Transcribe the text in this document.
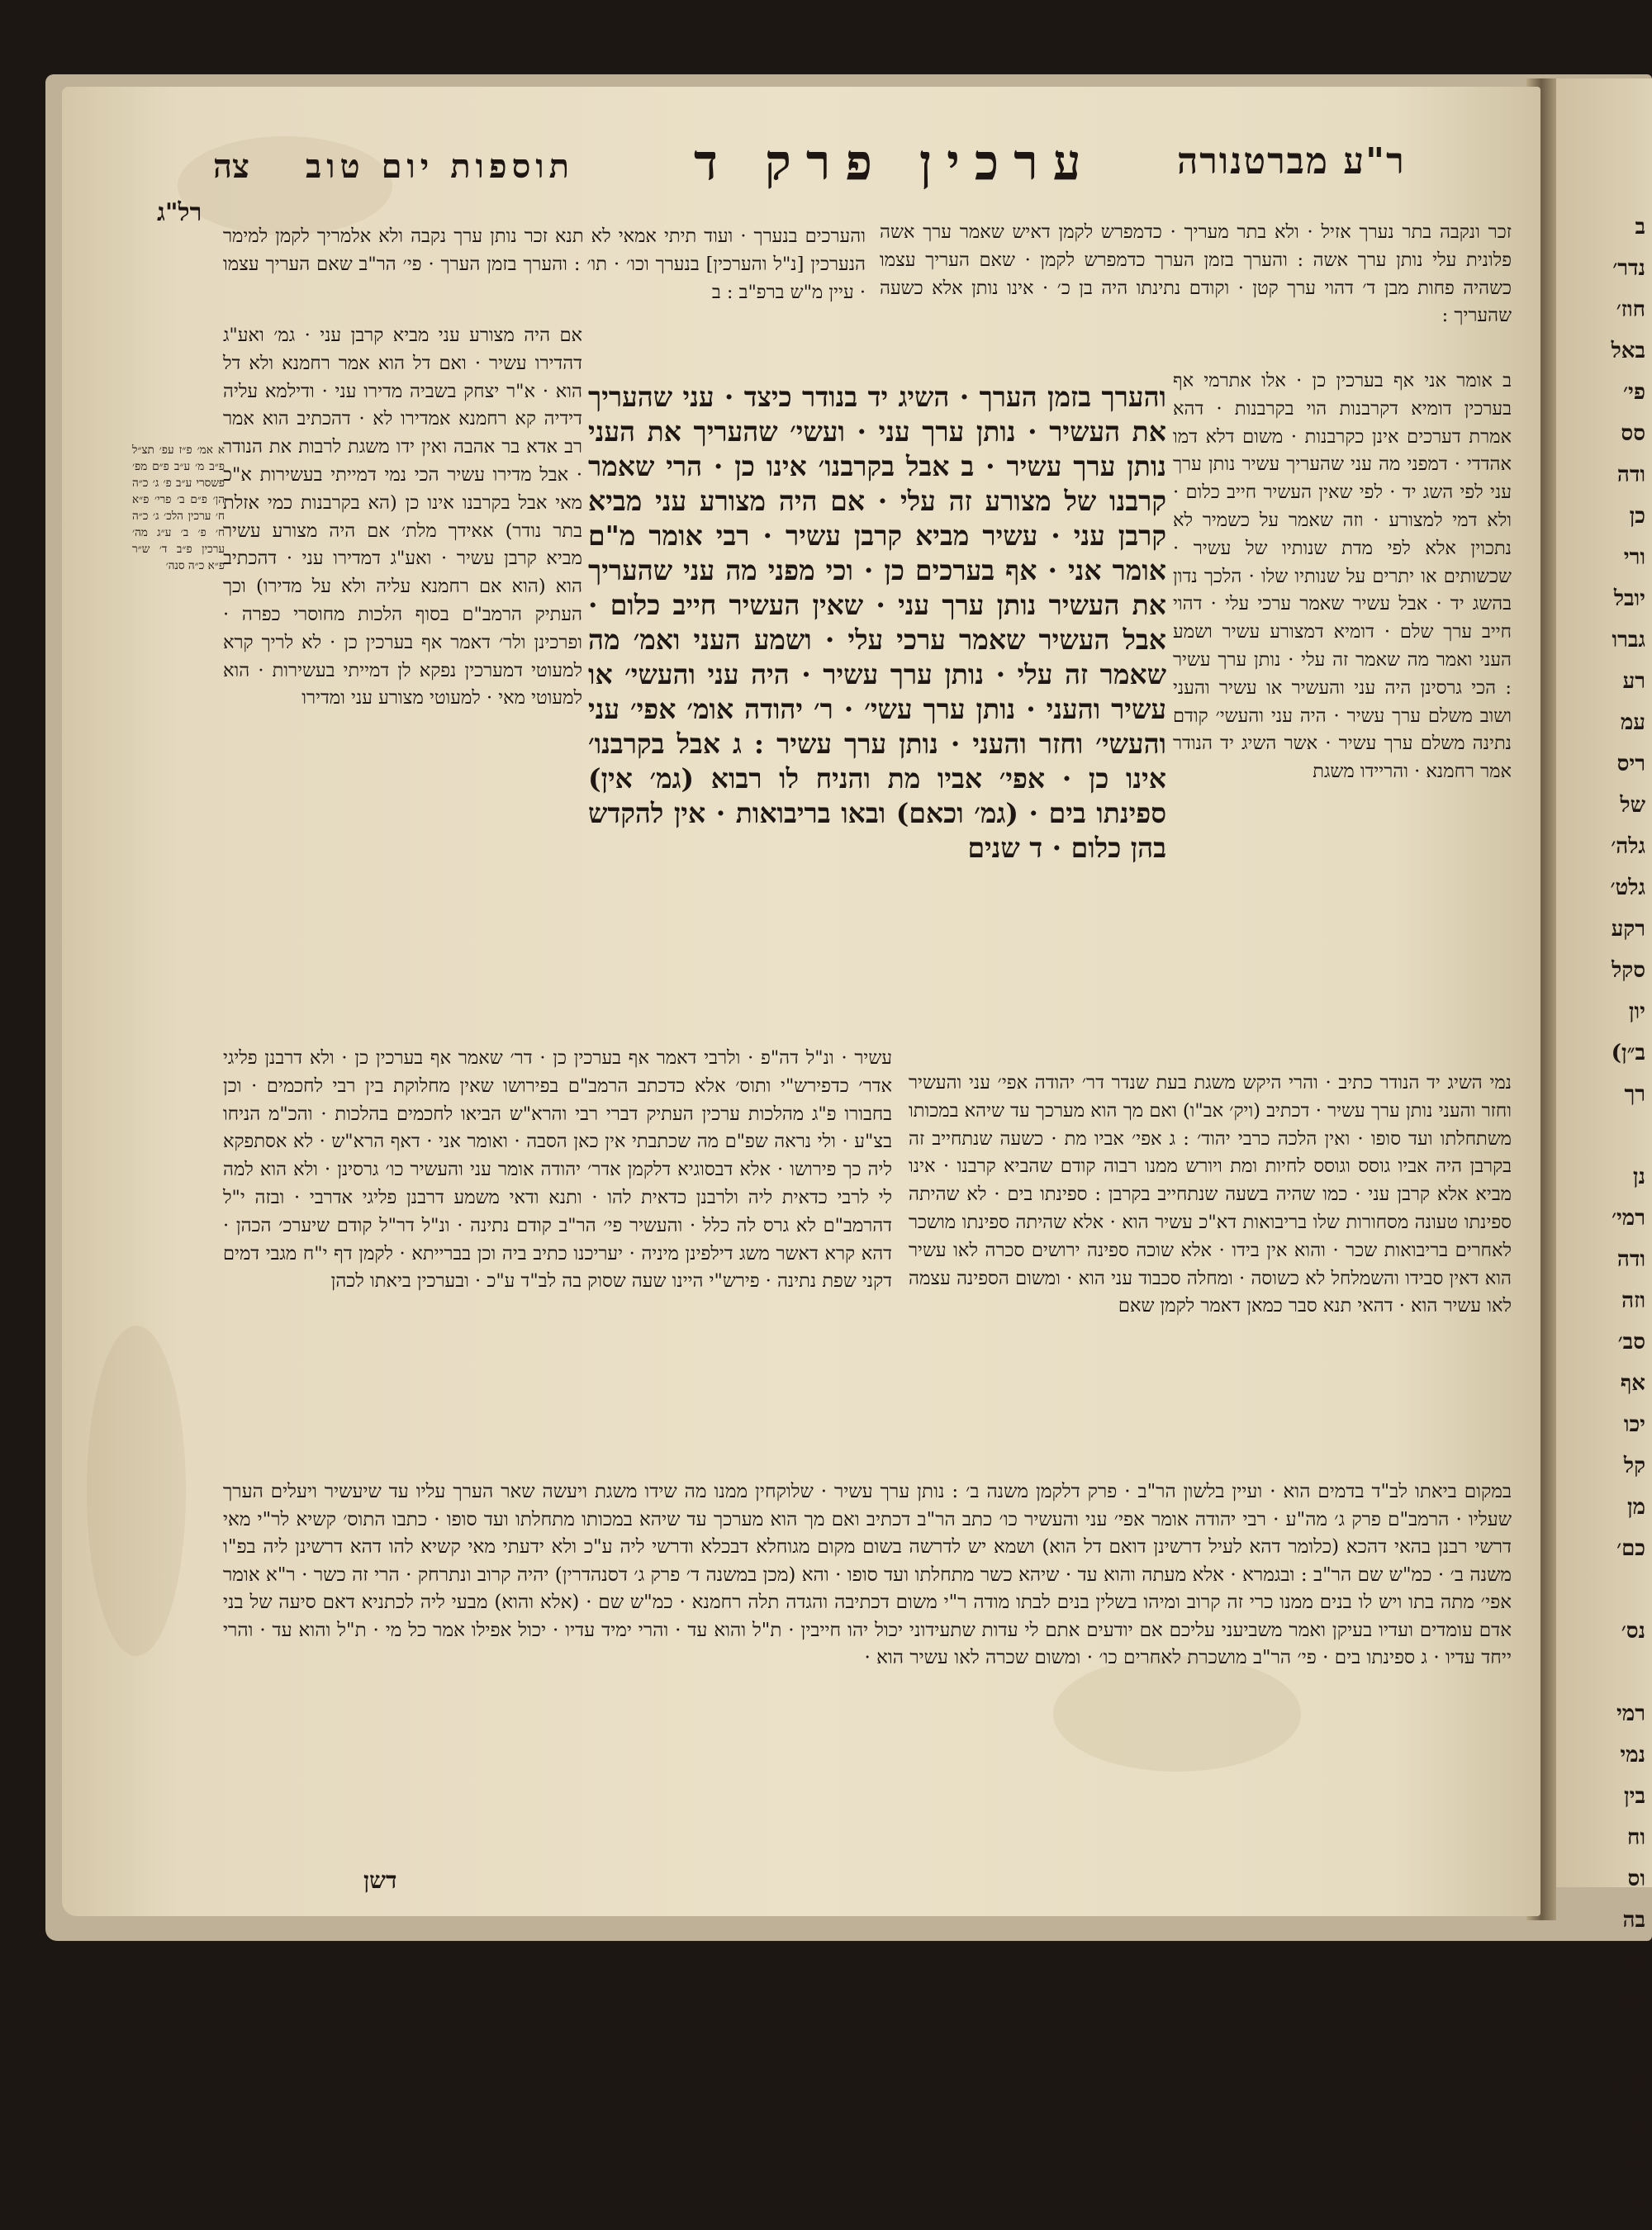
ב
נדר׳
חוז׳
באל
פי׳
סס
ודה
כן
ורי
יובל
גברו
רע
עמ
ריס
של
גלה׳
גלט׳
רקע
סקל
יון
ב״ן)
רך

נן
רמי׳
ודה
וזה
סב׳
אף
יכו
קל
מן
כם׳

נס׳

רמי
נמי
בין
וח
וס
בה
מן
רס

ה׳ :
ס
רי
ר
צה תוספות יום טוב ערכין פרק ד ר"ע מברטנורה
רל"ג
והערכים בנערך · ועוד תיתי אמאי לא תנא זכר נותן ערך נקבה ולא אלמריך לקמן למימר הנערכין [נ"ל והערכין] בנערך וכו׳ · תו׳ : והערך בזמן הערך · פי׳ הר"ב שאם העריך עצמו · עיין מ"ש ברפ"ב : ב
אם היה מצורע עני מביא קרבן עני · גמ׳ ואע"ג דהדירו עשיר · ואם דל הוא אמר רחמנא ולא דל הוא · א"ר יצחק בשביה מדירו עני · ודילמא עליה דידיה קא רחמנא אמדירו לא · דהכתיב הוא אמר רב אדא בר אהבה ואין ידו משגת לרבות את הנודר · אבל מדירו עשיר הכי נמי דמייתי בעשירות א"כ מאי אבל בקרבנו אינו כן (הא בקרבנות כמי אזלת בתר נודר) אאידך מלת׳ אם היה מצורע עשיר מביא קרבן עשיר · ואע"ג דמדירו עני · דהכתיב הוא (הוא אם רחמנא עליה ולא על מדירו) וכך העתיק הרמב"ם בסוף הלכות מחוסרי כפרה · ופרכינן ולר׳ דאמר אף בערכין כן · לא לריך קרא למעוטי דמערכין נפקא לן דמייתי בעשירות · הוא למעוטי מאי · למעוטי מצורע עני ומדירו
והערך בזמן הערך · השיג יד בנודר כיצד · עני שהעריך את העשיר · נותן ערך עני · ועשי׳ שהעריך את העני נותן ערך עשיר · ב אבל בקרבנו׳ אינו כן · הרי שאמר קרבנו של מצורע זה עלי · אם היה מצורע עני מביא קרבן עני · עשיר מביא קרבן עשיר · רבי אומר מ"ם אומר אני · אף בערכים כן · וכי מפני מה עני שהעריך את העשיר נותן ערך עני · שאין העשיר חייב כלום · אבל העשיר שאמר ערכי עלי · ושמע העני ואמ׳ מה שאמר זה עלי · נותן ערך עשיר · היה עני והעשי׳ או עשיר והעני · נותן ערך עשי׳ · ר׳ יהודה אומ׳ אפי׳ עני והעשי׳ וחזר והעני · נותן ערך עשיר : ג אבל בקרבנו׳ אינו כן · אפי׳ אביו מת והניח לו רבוא (גמ׳ אין) ספינתו בים · (גמ׳ וכאם) ובאו בריבואות · אין להקדש בהן כלום · ד שנים
זכר ונקבה בתר נערך אזיל · ולא בתר מעריך · כדמפרש לקמן דאיש שאמר ערך אשה פלונית עלי נותן ערך אשה : והערך בזמן הערך כדמפרש לקמן · שאם העריך עצמו כשהיה פחות מבן ד׳ דהוי ערך קטן · וקודם נתינתו היה בן כ׳ · אינו נותן אלא כשעה שהעריך :
ב אומר אני אף בערכין כן · אלו אתרמי אף בערכין דומיא דקרבנות הוי בקרבנות · דהא אמרת דערכים אינן כקרבנות · משום דלא דמו אהדדי · דמפני מה עני שהעריך עשיר נותן ערך עני לפי השג יד · לפי שאין העשיר חייב כלום · ולא דמי למצורע · וזה שאמר על כשמיר לא נתכוין אלא לפי מדת שנותיו של עשיר · שכשותים או יתרים על שנותיו שלו · הלכך נדון בהשג יד · אבל עשיר שאמר ערכי עלי · דהוי חייב ערך שלם · דומיא דמצורע עשיר ושמע העני ואמר מה שאמר זה עלי · נותן ערך עשיר : הכי גרסינן היה עני והעשיר או עשיר והעני ושוב משלם ערך עשיר · היה עני והעשי׳ קודם נתינה משלם ערך עשיר · אשר השיג יד הנודר אמר רחמנא · והריידו משגת
עשיר · ונ"ל דה"פ · ולרבי דאמר אף בערכין כן · דר׳ שאמר אף בערכין כן · ולא דרבנן פליגי אדר׳ כדפירש"י ותוס׳ אלא כדכתב הרמב"ם בפירושו שאין מחלוקת בין רבי לחכמים · וכן בחבורו פ"ג מהלכות ערכין העתיק דברי רבי והרא"ש הביאו לחכמים בהלכות · והכ"מ הניחו בצ"ע · ולי נראה שפ"ם מה שכתבתי אין כאן הסבה · ואומר אני · דאף הרא"ש · לא אסתפקא ליה כך פירושו · אלא דבסוגיא דלקמן אדר׳ יהודה אומר עני והעשיר כו׳ גרסינן · ולא הוא למה לי לרבי כדאית ליה ולרבנן כדאית להו · ותנא ודאי משמע דרבנן פליגי אדרבי · ובזה י"ל דהרמב"ם לא גרס לה כלל · והעשיר פי׳ הר"ב קודם נתינה · ונ"ל דר"ל קודם שיערכ׳ הכהן · דהא קרא דאשר משג דילפינן מיניה · יעריכנו כתיב ביה וכן בברייתא · לקמן דף י"ח מגבי דמים דקני שפת נתינה · פירש"י היינו שעה שסוק בה לב"ד ע"כ · ובערכין ביאתו לכהן
נמי השיג יד הנודר כתיב · והרי היקש משגת בעת שנדר דר׳ יהודה אפי׳ עני והעשיר וחזר והעני נותן ערך עשיר · דכתיב (ויק׳ אב"ו) ואם מך הוא מערכך עד שיהא במכותו משתחלתו ועד סופו · ואין הלכה כרבי יהוד׳ : ג אפי׳ אביו מת · כשעה שנתחייב זה בקרבן היה אביו גוסס וגוסס לחיות ומת ויורש ממנו רבוה קודם שהביא קרבנו · אינו מביא אלא קרבן עני · כמו שהיה בשעה שנתחייב בקרבן : ספינתו בים · לא שהיתה ספינתו טעונה מסחורות שלו בריבואות דא"כ עשיר הוא · אלא שהיתה ספינתו מושכר לאחרים בריבואות שכר · והוא אין בידו · אלא שוכה ספינה ירושים סכרה לאו עשיר הוא דאין סבידו והשמלחל לא כשוסה · ומחלה סכבוד עני הוא · ומשום הספינה עצמה לאו עשיר הוא · דהאי תנא סבר כמאן דאמר לקמן שאם
במקום ביאתו לב"ד בדמים הוא · ועיין בלשון הר"ב · פרק דלקמן משנה ב׳ : נותן ערך עשיר · שלוקחין ממנו מה שידו משגת ויעשה שאר הערך עליו עד שיעשיר ויעלים הערך שעליו · הרמב"ם פרק ג׳ מה"ע · רבי יהודה אומר אפי׳ עני והעשיר כו׳ כתב הר"ב דכתיב ואם מך הוא מערכך עד שיהא במכותו מתחלתו ועד סופו · כתבו התוס׳ קשיא לר"י מאי דרשי רבנן בהאי דהכא (כלומר דהא לעיל דרשינן דואם דל הוא) ושמא יש לדרשה בשום מקום מגוחלא דבכלא ודרשי ליה ע"כ ולא ידעתי מאי קשיא להו דהא דרשינן ליה בפ"ו משנה ב׳ · כמ"ש שם הר"ב : ובגמרא · אלא מעתה והוא עד · שיהא כשר מתחלתו ועד סופו · והא (מכן במשנה ד׳ פרק ג׳ דסנהדרין) יהיה קרוב ונתרחק · הרי זה כשר · ר"א אומר אפי׳ מתה בתו ויש לו בנים ממנו כרי זה קרוב ומיהו בשלין בנים לבתו מודה ר"י משום דכתיבה והגדה תלה רחמנא · כמ"ש שם · (אלא והוא) מבעי ליה לכתניא דאם סיעה של בני אדם עומדים ועדיו בעיקן ואמר משביעני עליכם אם יודעים אתם לי עדות שתעידוני יכול יהו חייבין · ת"ל והוא עד · והרי ימיד עדיו · יכול אפילו אמר כל מי · ת"ל והוא עד · והרי ייחד עדיו · ג ספינתו בים · פי׳ הר"ב מושכרת לאחרים כו׳ · ומשום שכרה לאו עשיר הוא ·
דשן
א אמ׳ פ״ז עפ׳ תצ״ל פ״ב מ׳ ע״ב פ״ם מפ׳ פשסרי ע״ב פ׳ ג׳ כ״ה הן׳ פ״ם ב׳ פרי׳ פ״א ח׳ ערכין הלכ׳ ג׳ כ״ה ח׳ פ׳ ב׳ ע״ג מה׳ ערכין פ״ב ד׳ ש״ר פ״א כ״ה סנה׳
